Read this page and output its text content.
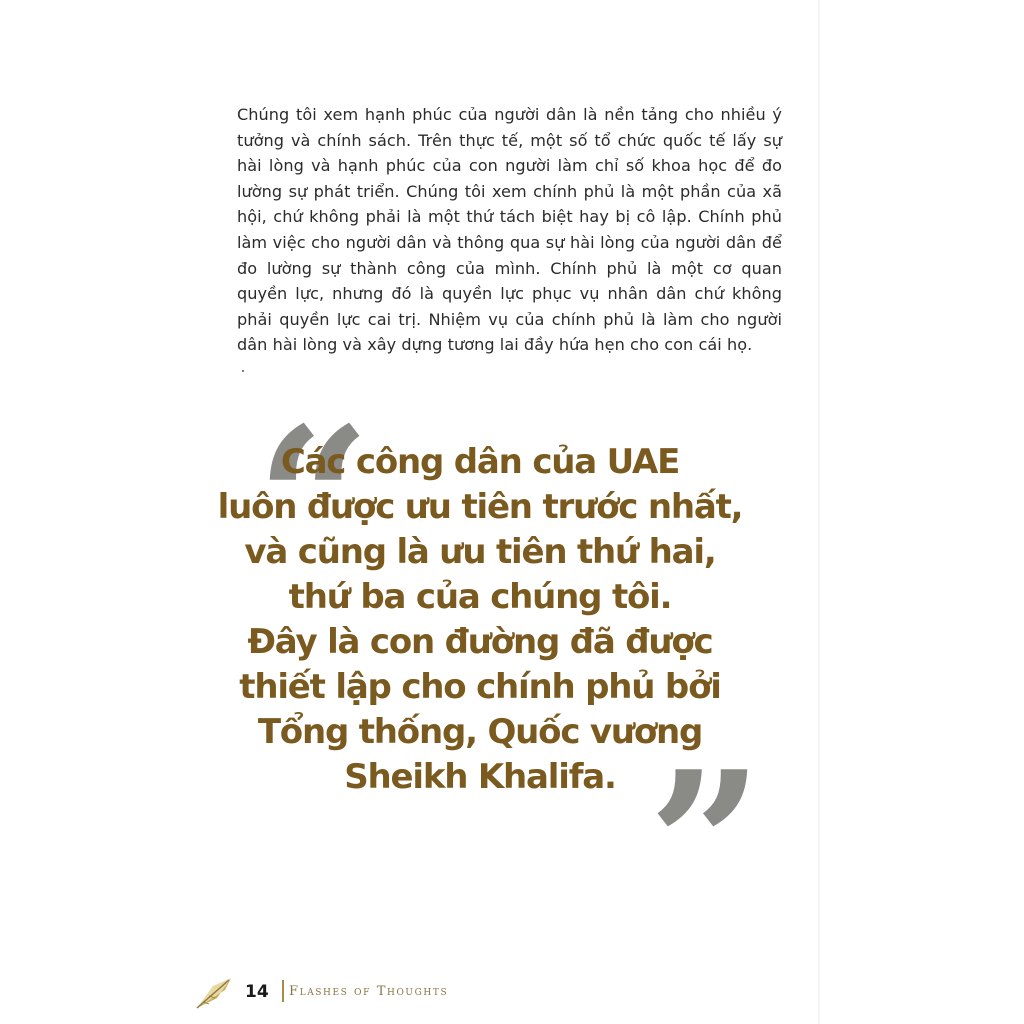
Chúng tôi xem hạnh phúc của người dân là nền tảng cho nhiều ý tưởng và chính sách. Trên thực tế, một số tổ chức quốc tế lấy sự hài lòng và hạnh phúc của con người làm chỉ số khoa học để đo lường sự phát triển. Chúng tôi xem chính phủ là một phần của xã hội, chứ không phải là một thứ tách biệt hay bị cô lập. Chính phủ làm việc cho người dân và thông qua sự hài lòng của người dân để đo lường sự thành công của mình. Chính phủ là một cơ quan quyền lực, nhưng đó là quyền lực phục vụ nhân dân chứ không phải quyền lực cai trị. Nhiệm vụ của chính phủ là làm cho người dân hài lòng và xây dựng tương lai đầy hứa hẹn cho con cái họ.

“

Các công dân của UAE
luôn được ưu tiên trước nhất,
và cũng là ưu tiên thứ hai,
thứ ba của chúng tôi.
Đây là con đường đã được
thiết lập cho chính phủ bởi
Tổng thống, Quốc vương
Sheikh Khalifa. ”
14 Flashes of Thoughts
